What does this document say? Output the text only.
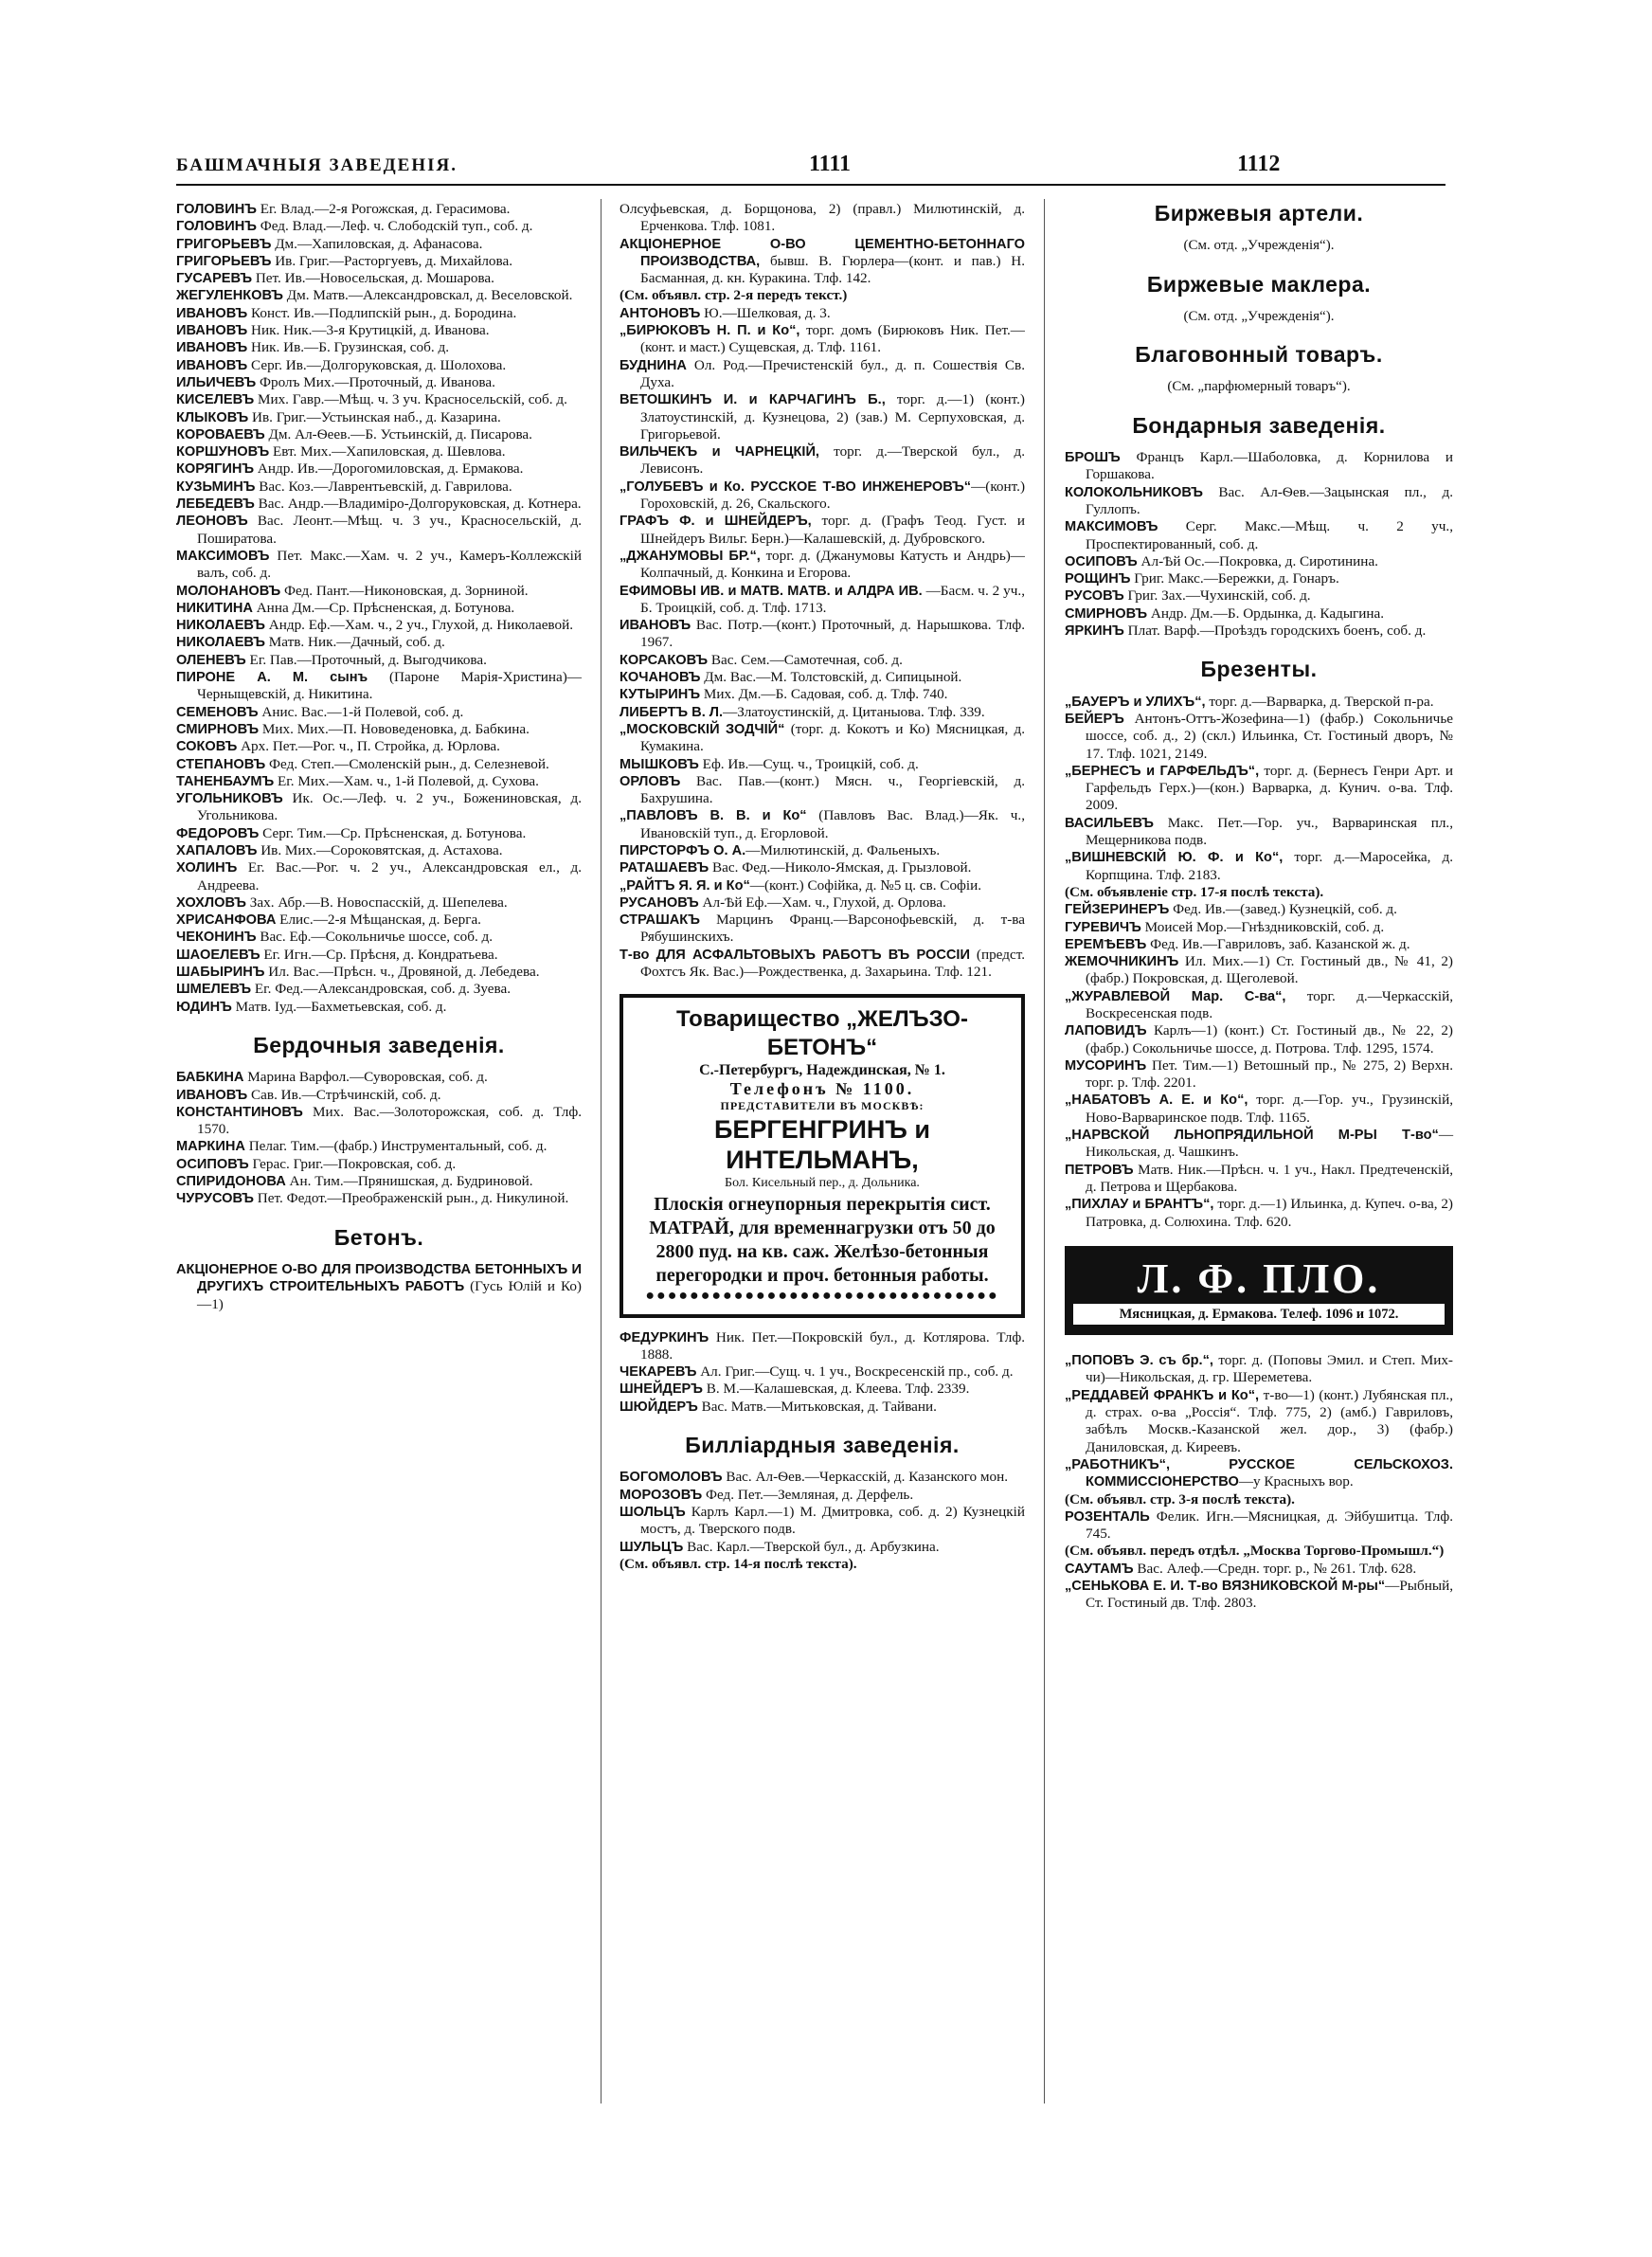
БАШМАЧНЫЯ ЗАВЕДЕНІЯ.	1111	1112

ГОЛОВИНЪ Ег. Влад.—2-я Рогожская, д. Герасимова.

ГОЛОВИНЪ Фед. Влад.—Леф. ч. Слободскій туп., соб. д.

ГРИГОРЬЕВЪ Дм.—Хапиловская, д. Афанасова.

ГРИГОРЬЕВЪ Ив. Григ.—Расторгуевъ, д. Михайлова.

ГУСАРЕВЪ Пет. Ив.—Новосельская, д. Мошарова.

ЖЕГУЛЕНКОВЪ Дм. Матв.—Александровскал, д. Веселовской.

ИВАНОВЪ Конст. Ив.—Подлипскій рын., д. Бородина.

ИВАНОВЪ Ник. Ник.—3-я Крутицкій, д. Иванова.

ИВАНОВЪ Ник. Ив.—Б. Грузинская, соб. д.

ИВАНОВЪ Серг. Ив.—Долгоруковская, д. Шолохова.

ИЛЬИЧЕВЪ Фролъ Мих.—Проточный, д. Иванова.

КИСЕЛЕВЪ Мих. Гавр.—Мѣщ. ч. 3 уч. Красносельскій, соб. д.

КЛЫКОВЪ Ив. Григ.—Устьинская наб., д. Казарина.

КОРОВАЕВЪ Дм. Ал-Ѳеев.—Б. Устьинскій, д. Писарова.

КОРШУНОВЪ Евт. Мих.—Хапиловская, д. Шевлова.

КОРЯГИНЪ Андр. Ив.—Дорогомиловская, д. Ермакова.

КУЗЬМИНЪ Вас. Коз.—Лаврентьевскій, д. Гаврилова.

ЛЕБЕДЕВЪ Вас. Андр.—Владиміро-Долгоруковская, д. Котнера.

ЛЕОНОВЪ Вас. Леонт.—Мѣщ. ч. 3 уч., Красносельскій, д. Поширатова.

МАКСИМОВЪ Пет. Макс.—Хам. ч. 2 уч., Камеръ-Коллежскій валъ, соб. д.

МОЛОНАНОВЪ Фед. Пант.—Никоновская, д. Зорниной.

НИКИТИНА Анна Дм.—Ср. Прѣсненская, д. Ботунова.

НИКОЛАЕВЪ Андр. Еф.—Хам. ч., 2 уч., Глухой, д. Николаевой.

НИКОЛАЕВЪ Матв. Ник.—Дачный, соб. д.

ОЛЕНЕВЪ Ег. Пав.—Проточный, д. Выгодчикова.

ПИРОНЕ А. М. сынъ (Пароне Марія-Христина)—Черныщевскій, д. Никитина.

СЕМЕНОВЪ Анис. Вас.—1-й Полевой, соб. д.

СМИРНОВЪ Мих. Мих.—П. Нововеденовка, д. Бабкина.

СОКОВЪ Арх. Пет.—Рог. ч., П. Стройка, д. Юрлова.

СТЕПАНОВЪ Фед. Степ.—Смоленскій рын., д. Селезневой.

ТАНЕНБАУМЪ Ег. Мих.—Хам. ч., 1-й Полевой, д. Сухова.

УГОЛЬНИКОВЪ Ик. Ос.—Леф. ч. 2 уч., Божениновская, д. Угольникова.

ФЕДОРОВЪ Серг. Тим.—Ср. Прѣсненская, д. Ботунова.

ХАПАЛОВЪ Ив. Мих.—Сороковятская, д. Астахова.

ХОЛИНЪ Ег. Вас.—Рог. ч. 2 уч., Александровская ел., д. Андреева.

ХОХЛОВЪ Зах. Абр.—В. Новоспасскій, д. Шепелева.

ХРИСАНФОВА Елис.—2-я Мѣщанская, д. Берга.

ЧЕКОНИНЪ Вас. Еф.—Сокольничье шоссе, соб. д.

ШАОЕЛЕВЪ Ег. Игн.—Ср. Прѣсня, д. Кондратьева.

ШАБЫРИНЪ Ил. Вас.—Прѣсн. ч., Дровяной, д. Лебедева.

ШМЕЛЕВЪ Ег. Фед.—Александровская, соб. д. Зуева.

ЮДИНЪ Матв. Iуд.—Бахметьевская, соб. д.

Бердочныя заведенія.

БАБКИНА Марина Варфол.—Суворовская, соб. д.

ИВАНОВЪ Сав. Ив.—Стрѣчинскій, соб. д.

КОНСТАНТИНОВЪ Мих. Вас.—Золоторожская, соб. д. Тлф. 1570.

МАРКИНА Пелаг. Тим.—(фабр.) Инструментальный, соб. д.

ОСИПОВЪ Герас. Григ.—Покровская, соб. д.

СПИРИДОНОВА Ан. Тим.—Прянишская, д. Будриновой.

ЧУРУСОВЪ Пет. Федот.—Преображенскій рын., д. Никулиной.

Бетонъ.

АКЦIОНЕРНОЕ О-ВО ДЛЯ ПРОИЗВОДСТВА БЕТОННЫХЪ И ДРУГИХЪ СТРОИТЕЛЬНЫХЪ РАБОТЪ (Гусь Юлій и Ко)—1)

Олсуфьевская, д. Борщонова, 2) (правл.) Милютинскій, д. Ерченкова. Тлф. 1081.

АКЦIОНЕРНОЕ О-ВО ЦЕМЕНТНО-БЕТОННАГО ПРОИЗВОДСТВА, бывш. В. Гюрлера—(конт. и пав.) Н. Басманная, д. кн. Куракина. Тлф. 142.

(См. объявл. стр. 2-я передъ текст.)

АНТОНОВЪ Ю.—Шелковая, д. 3.

„БИРЮКОВЪ Н. П. и Ко“, торг. домъ (Бирюковъ Ник. Пет.—(конт. и маст.) Сущевская, д. Тлф. 1161.

БУДНИНА Ол. Род.—Пречистенскій бул., д. п. Сошествія Св. Духа.

ВЕТОШКИНЪ И. и КАРЧАГИНЪ Б., торг. д.—1) (конт.) Златоустинскій, д. Кузнецова, 2) (зав.) М. Серпуховская, д. Григорьевой.

ВИЛЬЧЕКЪ и ЧАРНЕЦКІЙ, торг. д.—Тверской бул., д. Левисонъ.

„ГОЛУБЕВЪ и Ко. РУССКОЕ Т-ВО ИНЖЕНЕРОВЪ“—(конт.) Гороховскій, д. 26, Скальского.

ГРАФЪ Ф. и ШНЕЙДЕРЪ, торг. д. (Графъ Теод. Густ. и Шнейдеръ Вильг. Берн.)—Калашевскій, д. Дубровского.

„ДЖАНУМОВЫ БР.“, торг. д. (Джанумовы Катусть и Андрь)—Колпачный, д. Конкина и Егорова.

ЕФИМОВЫ ИВ. и МАТВ. МАТВ. и АЛДРА ИВ. —Басм. ч. 2 уч., Б. Троицкій, соб. д. Тлф. 1713.

ИВАНОВЪ Вас. Потр.—(конт.) Проточный, д. Нарышкова. Тлф. 1967.

КОРСАКОВЪ Вас. Сем.—Самотечная, соб. д.

КОЧАНОВЪ Дм. Вас.—М. Толстовскій, д. Сипицыной.

КУТЫРИНЪ Мих. Дм.—Б. Садовая, соб. д. Тлф. 740.

ЛИБЕРТЪ В. Л.—Златоустинскій, д. Цитаныова. Тлф. 339.

„МОСКОВСКІЙ ЗОДЧІЙ“ (торг. д. Кокотъ и Ко) Мясницкая, д. Кумакина.

МЫШКОВЪ Еф. Ив.—Сущ. ч., Троицкій, соб. д.

ОРЛОВЪ Вас. Пав.—(конт.) Мясн. ч., Георгіевскій, д. Бахрушина.

„ПАВЛОВЪ В. В. и Ко“ (Павловъ Вас. Влад.)—Як. ч., Ивановскій туп., д. Егорловой.

ПИРСТОРФЪ О. А.—Милютинскій, д. Фальеныхъ.

РАТАШАЕВЪ Вас. Фед.—Николо-Ямская, д. Грызловой.

„РАЙТЪ Я. Я. и Ко“—(конт.) Софійка, д. №5 ц. св. Софіи.

РУСАНОВЪ Ал-Ѣй Еф.—Хам. ч., Глухой, д. Орлова.

СТРАШАКЪ Марцинъ Франц.—Варсонофьевскій, д. т-ва Рябушинскихъ.

Т-во ДЛЯ АСФАЛЬТОВЫХЪ РАБОТЪ ВЪ РОССІИ (предст. Фохтсъ Як. Вас.)—Рождественка, д. Захарьина. Тлф. 121.

Товарищество „ЖЕЛЪЗО-БЕТОНЪ“
С.-Петербургъ, Надеждинская, № 1.
Телефонъ № 1100.
ПРЕДСТАВИТЕЛИ ВЪ МОСКВѢ:
БЕРГЕНГРИНЪ и ИНТЕЛЬМАНЪ,
Бол. Кисельный пер., д. Дольника.
Плоскія огнеупорныя перекрытія сист. МАТРАЙ, для временнагрузки отъ 50 до 2800 пуд. на кв. саж. Желѣзо-бетонныя перегородки и проч. бетонныя работы.
●●●●●●●●●●●●●●●●●●●●●●●●●●●●●●●●

ФЕДУРКИНЪ Ник. Пет.—Покровскій бул., д. Котлярова. Тлф. 1888.

ЧЕКАРЕВЪ Ал. Григ.—Сущ. ч. 1 уч., Воскресенскій пр., соб. д.

ШНЕЙДЕРЪ В. М.—Калашевская, д. Клеева. Тлф. 2339.

ШЮЙДЕРЪ Вас. Матв.—Митьковская, д. Тайвани.

Билліардныя заведенія.

БОГОМОЛОВЪ Вас. Ал-Ѳев.—Черкасскій, д. Казанского мон.

МОРОЗОВЪ Фед. Пет.—Земляная, д. Дерфель.

ШОЛЬЦЪ Карлъ Карл.—1) М. Дмитровка, соб. д. 2) Кузнецкій мостъ, д. Тверского подв.

ШУЛЬЦЪ Вас. Карл.—Тверской бул., д. Арбузкина.

(См. объявл. стр. 14-я послѣ текста).

Биржевыя артели.
(См. отд. „Учрежденія“).
Биржевые маклера.
(См. отд. „Учрежденія“).
Благовонный товаръ.
(См. „парфюмерный товаръ“).
Бондарныя заведенія.

БРОШЪ Францъ Карл.—Шаболовка, д. Корнилова и Горшакова.

КОЛОКОЛЬНИКОВЪ Вас. Ал-Ѳев.—Зацынская пл., д. Гуллопъ.

МАКСИМОВЪ Серг. Макс.—Мѣщ. ч. 2 уч., Проспектированный, соб. д.

ОСИПОВЪ Ал-Ѣй Ос.—Покровка, д. Сиротинина.

РОЩИНЪ Григ. Макс.—Бережки, д. Гонаръ.

РУСОВЪ Григ. Зах.—Чухинскій, соб. д.

СМИРНОВЪ Андр. Дм.—Б. Ордынка, д. Кадыгина.

ЯРКИНЪ Плат. Варф.—Проѣздъ городскихъ боенъ, соб. д.

Брезенты.

„БАУЕРЪ и УЛИХЪ“, торг. д.—Варварка, д. Тверской п-ра.

БЕЙЕРЪ Антонъ-Оттъ-Жозефина—1) (фабр.) Сокольничье шоссе, соб. д., 2) (скл.) Ильинка, Ст. Гостиный дворъ, № 17. Тлф. 1021, 2149.

„БЕРНЕСЪ и ГАРФЕЛЬДЪ“, торг. д. (Бернесъ Генри Арт. и Гарфельдъ Герх.)—(кон.) Варварка, д. Кунич. о-ва. Тлф. 2009.

ВАСИЛЬЕВЪ Макс. Пет.—Гор. уч., Варваринская пл., Мещерникова подв.

„ВИШНЕВСКІЙ Ю. Ф. и Ко“, торг. д.—Маросейка, д. Корпщина. Тлф. 2183.

(См. объявленіе стр. 17-я послѣ текста).

ГЕЙЗЕРИНЕРЪ Фед. Ив.—(завед.) Кузнецкій, соб. д.

ГУРЕВИЧЪ Моисей Мор.—Гнѣздниковскій, соб. д.

ЕРЕМѢЕВЪ Фед. Ив.—Гавриловъ, заб. Казанской ж. д.

ЖЕМОЧНИКИНЪ Ил. Мих.—1) Ст. Гостиный дв., № 41, 2) (фабр.) Покровская, д. Щеголевой.

„ЖУРАВЛЕВОЙ Мар. С-ва“, торг. д.—Черкасскій, Воскресенская подв.

ЛАПОВИДЪ Карлъ—1) (конт.) Ст. Гостиный дв., № 22, 2) (фабр.) Сокольничье шоссе, д. Потрова. Тлф. 1295, 1574.

МУСОРИНЪ Пет. Тим.—1) Ветошный пр., № 275, 2) Верхн. торг. р. Тлф. 2201.

„НАБАТОВЪ А. Е. и Ко“, торг. д.—Гор. уч., Грузинскій, Ново-Варваринское подв. Тлф. 1165.

„НАРВСКОЙ ЛЬНОПРЯДИЛЬНОЙ М-РЫ Т-во“—Никольская, д. Чашкинъ.

ПЕТРОВЪ Матв. Ник.—Прѣсн. ч. 1 уч., Накл. Предтеченскій, д. Петрова и Щербакова.

„ПИХЛАУ и БРАНТЪ“, торг. д.—1) Ильинка, д. Купеч. о-ва, 2) Патровка, д. Солюхина. Тлф. 620.

Л. Ф. ПЛО.
Мясницкая, д. Ермакова. Телеф. 1096 и 1072.

„ПОПОВЪ Э. съ бр.“, торг. д. (Поповы Эмил. и Степ. Мих-чи)—Никольская, д. гр. Шереметева.

„РЕДДАВЕЙ ФРАНКЪ и Ко“, т-во—1) (конт.) Лубянская пл., д. страх. о-ва „Россія“. Тлф. 775, 2) (амб.) Гавриловъ, забѣлъ Москв.-Казанской жел. дор., 3) (фабр.) Даниловская, д. Киреевъ.

„РАБОТНИКЪ“, РУССКОЕ СЕЛЬСКОХОЗ. КОММИССІОНЕРСТВО—у Красныхъ вор.

(См. объявл. стр. 3-я послѣ текста).

РОЗЕНТАЛЬ Фелик. Игн.—Мясницкая, д. Эйбушитца. Тлф. 745.

(См. объявл. передъ отдѣл. „Москва Торгово-Промышл.“)

САУТАМЪ Вас. Алеф.—Средн. торг. р., № 261. Тлф. 628.

„СЕНЬКОВА Е. И. Т-во ВЯЗНИКОВСКОЙ М-ры“—Рыбный, Ст. Гостиный дв. Тлф. 2803.
